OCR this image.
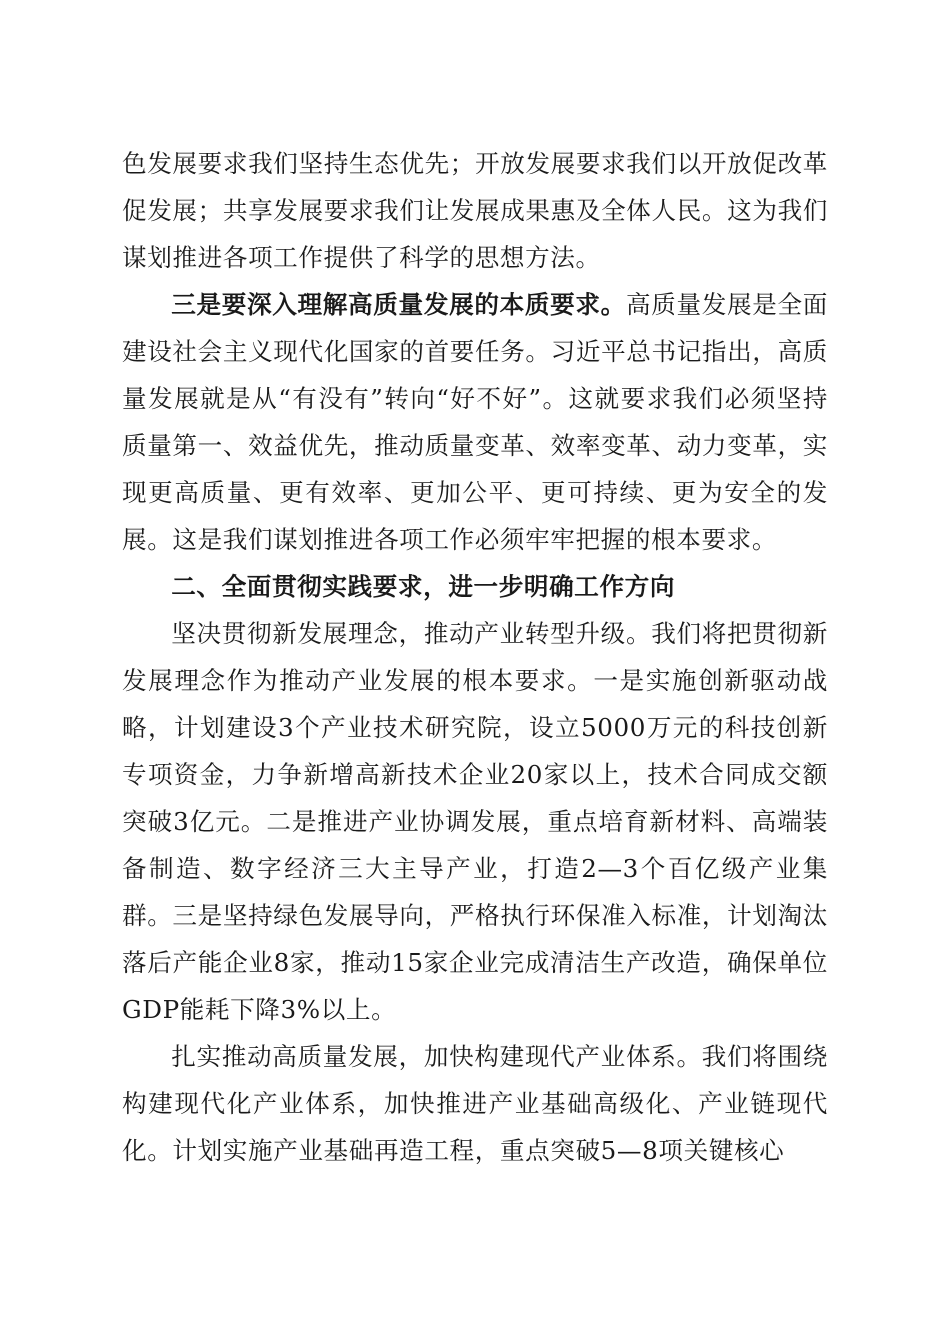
色发展要求我们坚持生态优先；开放发展要求我们以开放促改革促发展；共享发展要求我们让发展成果惠及全体人民。这为我们谋划推进各项工作提供了科学的思想方法。

三是要深入理解高质量发展的本质要求。高质量发展是全面建设社会主义现代化国家的首要任务。习近平总书记指出，高质量发展就是从“有没有”转向“好不好”。这就要求我们必须坚持质量第一、效益优先，推动质量变革、效率变革、动力变革，实现更高质量、更有效率、更加公平、更可持续、更为安全的发展。这是我们谋划推进各项工作必须牢牢把握的根本要求。

二、全面贯彻实践要求，进一步明确工作方向

坚决贯彻新发展理念，推动产业转型升级。我们将把贯彻新发展理念作为推动产业发展的根本要求。一是实施创新驱动战略，计划建设3个产业技术研究院，设立5000万元的科技创新专项资金，力争新增高新技术企业20家以上，技术合同成交额突破3亿元。二是推进产业协调发展，重点培育新材料、高端装备制造、数字经济三大主导产业，打造2—3个百亿级产业集群。三是坚持绿色发展导向，严格执行环保准入标准，计划淘汰落后产能企业8家，推动15家企业完成清洁生产改造，确保单位GDP能耗下降3%以上。

扎实推动高质量发展，加快构建现代产业体系。我们将围绕构建现代化产业体系，加快推进产业基础高级化、产业链现代化。计划实施产业基础再造工程，重点突破5—8项关键核心
